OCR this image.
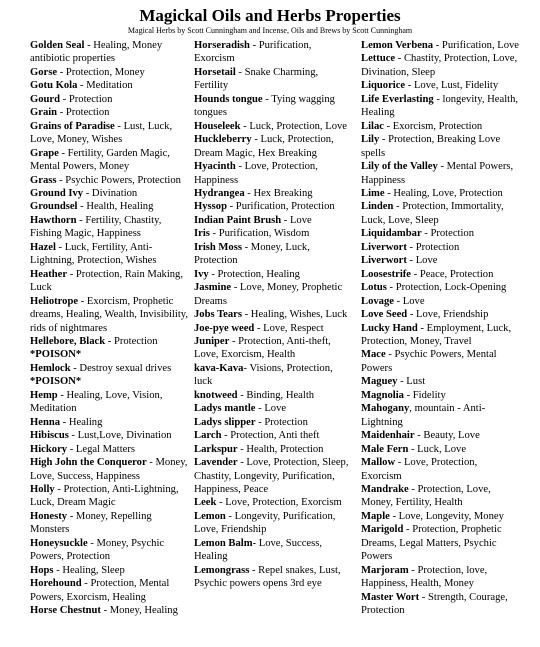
Magickal Oils and Herbs Properties
Magical Herbs by Scott Cunningham and Incense, Oils and Brews by Scott Cunningham
Golden Seal - Healing, Money antibiotic properties
Gorse - Protection, Money
Gotu Kola - Meditation
Gourd - Protection
Grain - Protection
Grains of Paradise - Lust, Luck, Love, Money, Wishes
Grape - Fertility, Garden Magic, Mental Powers, Money
Grass - Psychic Powers, Protection
Ground Ivy - Divination
Groundsel - Health, Healing
Hawthorn - Fertility, Chastity, Fishing Magic, Happiness
Hazel - Luck, Fertility, Anti-Lightning, Protection, Wishes
Heather - Protection, Rain Making, Luck
Heliotrope - Exorcism, Prophetic dreams, Healing, Wealth, Invisibility, rids of nightmares
Hellebore, Black - Protection
*POISON*
Hemlock - Destroy sexual drives
*POISON*
Hemp - Healing, Love, Vision, Meditation
Henna - Healing
Hibiscus - Lust,Love, Divination
Hickory - Legal Matters
High John the Conqueror - Money, Love, Success, Happiness
Holly - Protection, Anti-Lightning, Luck, Dream Magic
Honesty - Money, Repelling Monsters
Honeysuckle - Money, Psychic Powers, Protection
Hops - Healing, Sleep
Horehound - Protection, Mental Powers, Exorcism, Healing
Horse Chestnut - Money, Healing
Horseradish - Purification, Exorcism
Horsetail - Snake Charming, Fertility
Hounds tongue - Tying wagging tongues
Houseleek - Luck, Protection, Love
Huckleberry - Luck, Protection, Dream Magic, Hex Breaking
Hyacinth - Love, Protection, Happiness
Hydrangea - Hex Breaking
Hyssop - Purification, Protection
Indian Paint Brush - Love
Iris - Purification, Wisdom
Irish Moss - Money, Luck, Protection
Ivy - Protection, Healing
Jasmine - Love, Money, Prophetic Dreams
Jobs Tears - Healing, Wishes, Luck
Joe-pye weed - Love, Respect
Juniper - Protection, Anti-theft, Love, Exorcism, Health
kava-Kava- Visions, Protection, luck
knotweed - Binding, Health
Ladys mantle - Love
Ladys slipper - Protection
Larch - Protection, Anti theft
Larkspur - Health, Protection
Lavender - Love, Protection, Sleep, Chastity, Longevity, Purification, Happiness, Peace
Leek - Love, Protection, Exorcism
Lemon - Longevity, Purification, Love, Friendship
Lemon Balm- Love, Success, Healing
Lemongrass - Repel snakes, Lust, Psychic powers opens 3rd eye
Lemon Verbena - Purification, Love
Lettuce - Chastity, Protection, Love, Divination, Sleep
Liquorice - Love, Lust, Fidelity
Life Everlasting - longevity, Health, Healing
Lilac - Exorcism, Protection
Lily - Protection, Breaking Love spells
Lily of the Valley - Mental Powers, Happiness
Lime - Healing, Love, Protection
Linden - Protection, Immortality, Luck, Love, Sleep
Liquidambar - Protection
Liverwort - Protection
Liverwort - Love
Loosestrife - Peace, Protection
Lotus - Protection, Lock-Opening
Lovage - Love
Love Seed - Love, Friendship
Lucky Hand - Employment, Luck, Protection, Money, Travel
Mace - Psychic Powers, Mental Powers
Maguey - Lust
Magnolia - Fidelity
Mahogany, mountain - Anti-Lightning
Maidenhair - Beauty, Love
Male Fern - Luck, Love
Mallow - Love, Protection, Exorcism
Mandrake - Protection, Love, Money, Fertility, Health
Maple - Love, Longevity, Money
Marigold - Protection, Prophetic Dreams, Legal Matters, Psychic Powers
Marjoram - Protection, love, Happiness, Health, Money
Master Wort - Strength, Courage, Protection
